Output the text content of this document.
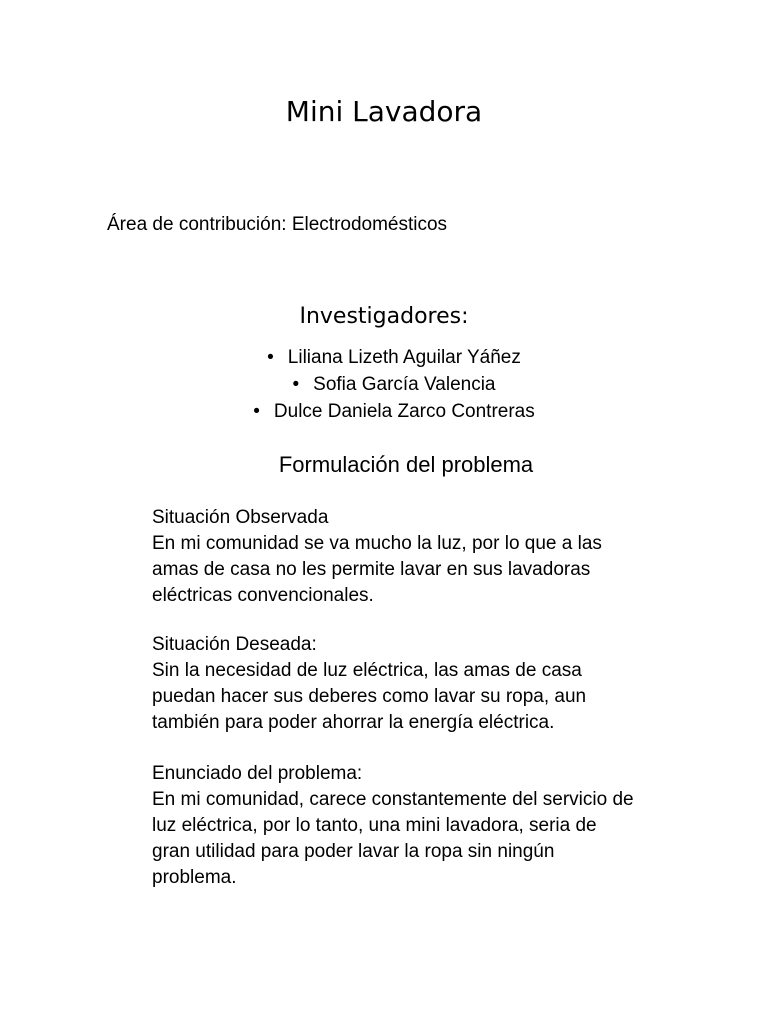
Mini Lavadora
Área de contribución: Electrodomésticos
Investigadores:
• Liliana Lizeth Aguilar Yáñez
• Sofia García Valencia
• Dulce Daniela Zarco Contreras
Formulación del problema

Situación Observada

En mi comunidad se va mucho la luz, por lo que a las

amas de casa no les permite lavar en sus lavadoras

eléctricas convencionales.

Situación Deseada:

Sin la necesidad de luz eléctrica, las amas de casa

puedan hacer sus deberes como lavar su ropa, aun

también para poder ahorrar la energía eléctrica.

Enunciado del problema:

En mi comunidad, carece constantemente del servicio de

luz eléctrica, por lo tanto, una mini lavadora, seria de

gran utilidad para poder lavar la ropa sin ningún

problema.
